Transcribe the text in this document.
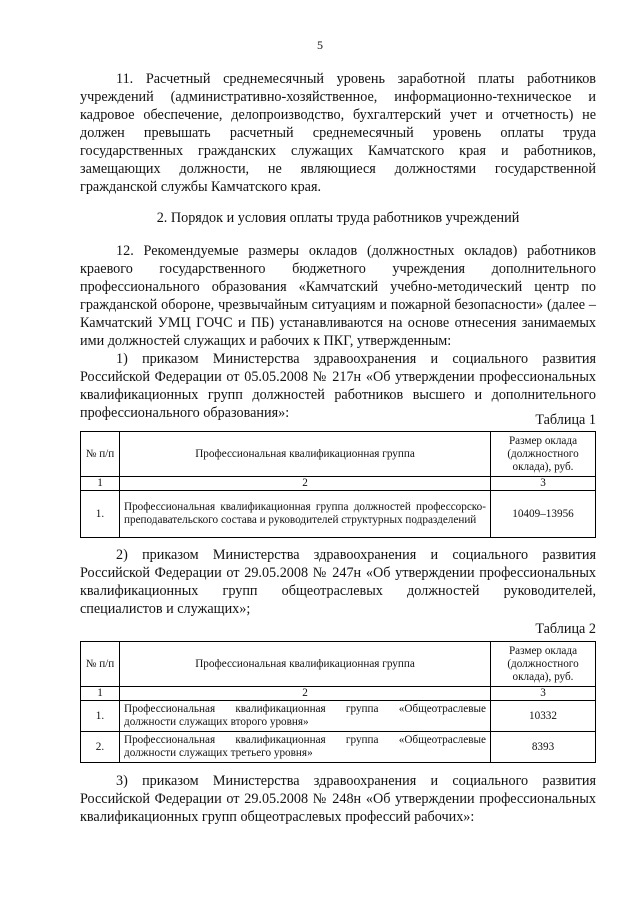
5
11. Расчетный среднемесячный уровень заработной платы работников учреждений (административно-хозяйственное, информационно-техническое и кадровое обеспечение, делопроизводство, бухгалтерский учет и отчетность) не должен превышать расчетный среднемесячный уровень оплаты труда государственных гражданских служащих Камчатского края и работников, замещающих должности, не являющиеся должностями государственной гражданской службы Камчатского края.
2. Порядок и условия оплаты труда работников учреждений
12. Рекомендуемые размеры окладов (должностных окладов) работников краевого государственного бюджетного учреждения дополнительного профессионального образования «Камчатский учебно-методический центр по гражданской обороне, чрезвычайным ситуациям и пожарной безопасности» (далее – Камчатский УМЦ ГОЧС и ПБ) устанавливаются на основе отнесения занимаемых ими должностей служащих и рабочих к ПКГ, утвержденным:
1) приказом Министерства здравоохранения и социального развития Российской Федерации от 05.05.2008 № 217н «Об утверждении профессиональных квалификационных групп должностей работников высшего и дополнительного профессионального образования»:	Таблица 1
№ п/п	Профессиональная квалификационная группа	Размер оклада (должностного оклада), руб.
1	2	3
1.	Профессиональная квалификационная группа должностей профессорско-преподавательского состава и руководителей структурных подразделений	10409–13956
2) приказом Министерства здравоохранения и социального развития Российской Федерации от 29.05.2008 № 247н «Об утверждении профессиональных квалификационных групп общеотраслевых должностей руководителей, специалистов и служащих»;
Таблица 2
№ п/п	Профессиональная квалификационная группа	Размер оклада (должностного оклада), руб.
1	2	3
1.	Профессиональная квалификационная группа «Общеотраслевые должности служащих второго уровня»	10332
2.	Профессиональная квалификационная группа «Общеотраслевые должности служащих третьего уровня»	8393
3) приказом Министерства здравоохранения и социального развития Российской Федерации от 29.05.2008 № 248н «Об утверждении профессиональных квалификационных групп общеотраслевых профессий рабочих»:
